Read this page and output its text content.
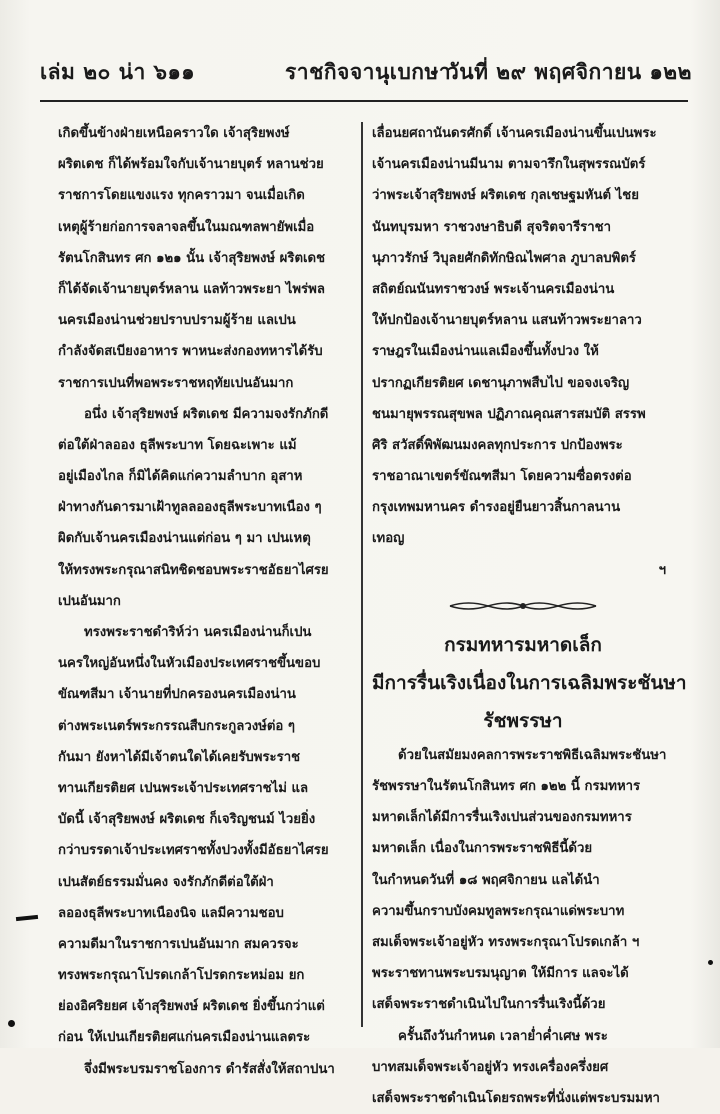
เล่ม ๒๐ น่า ๖๑๑	ราชกิจจานุเบกษา
วันที่ ๒๙ พฤศจิกายน ๑๒๒
เกิดขึ้นข้างฝ่ายเหนือคราวใด เจ้าสุริยพงษ์
ผริตเดช ก็ได้พร้อมใจกับเจ้านายบุตร์ หลานช่วย
ราชการโดยแขงแรง ทุกคราวมา จนเมื่อเกิด
เหตุผู้ร้ายก่อการจลาจลขึ้นในมณฑลพายัพเมื่อ
รัตนโกสินทร ศก ๑๒๑ นั้น เจ้าสุริยพงษ์ ผริตเดช
ก็ได้จัดเจ้านายบุตร์หลาน แลท้าวพระยา ไพร่พล
นครเมืองน่านช่วยปราบปรามผู้ร้าย แลเปน
กำลังจัดสเบียงอาหาร พาหนะส่งกองทหารได้รับ
ราชการเปนที่พอพระราชหฤทัยเปนอันมาก
อนึ่ง เจ้าสุริยพงษ์ ผริตเดช มีความจงรักภักดี
ต่อใต้ฝ่าลออง ธุลีพระบาท โดยฉะเพาะ แม้
อยู่เมืองไกล ก็มิได้คิดแก่ความลำบาก อุสาห
ฝ่าทางกันดารมาเฝ้าทูลลอองธุลีพระบาทเนือง ๆ
ผิดกับเจ้านครเมืองน่านแต่ก่อน ๆ มา เปนเหตุ
ให้ทรงพระกรุณาสนิทชิดชอบพระราชอัธยาไศรย
เปนอันมาก
ทรงพระราชดำริห์ว่า นครเมืองน่านก็เปน
นครใหญ่อันหนึ่งในหัวเมืองประเทศราชขึ้นขอบ
ขัณฑสีมา เจ้านายที่ปกครองนครเมืองน่าน
ต่างพระเนตร์พระกรรณสืบกระกูลวงษ์ต่อ ๆ
กันมา ยังหาได้มีเจ้าตนใดได้เคยรับพระราช
ทานเกียรติยศ เปนพระเจ้าประเทศราชไม่ แล
บัดนี้ เจ้าสุริยพงษ์ ผริตเดช ก็เจริญชนม์ ไวยยิ่ง
กว่าบรรดาเจ้าประเทศราชทั้งปวงทั้งมีอัธยาไศรย
เปนสัตย์ธรรมมั่นคง จงรักภักดีต่อใต้ฝ่า
ลอองธุลีพระบาทเนืองนิจ แลมีความชอบ
ความดีมาในราชการเปนอันมาก สมควรจะ
ทรงพระกรุณาโปรดเกล้าโปรดกระหม่อม ยก
ย่องอิศริยยศ เจ้าสุริยพงษ์ ผริตเดช ยิ่งขึ้นกว่าแต่
ก่อน ให้เปนเกียรติยศแก่นครเมืองน่านแลตระ
จึ่งมีพระบรมราชโองการ ดำรัสสั่งให้สถาปนา
เลื่อนยศถานันดรศักดิ์ เจ้านครเมืองน่านขึ้นเปนพระ
เจ้านครเมืองน่านมีนาม ตามจารึกในสุพรรณบัตร์
ว่าพระเจ้าสุริยพงษ์ ผริตเดช กุลเชษฐมหันต์ ไชย
นันทบุรมหา ราชวงษาธิบดี สุจริตจารีราชา
นุภาวรักษ์ วิบุลยศักดิทักษิณไพศาล ภูบาลบพิตร์
สถิตย์ณนันทราชวงษ์ พระเจ้านครเมืองน่าน
ให้ปกป้องเจ้านายบุตร์หลาน แสนท้าวพระยาลาว
ราษฎรในเมืองน่านแลเมืองขึ้นทั้งปวง ให้
ปรากฏเกียรติยศ เดชานุภาพสืบไป ขอจงเจริญ
ชนมายุพรรณสุขพล ปฏิภาณคุณสารสมบัติ สรรพ
ศิริ สวัสดิ์พิพัฒนมงคลทุกประการ ปกป้องพระ
ราชอาณาเขตร์ขัณฑสีมา โดยความซื่อตรงต่อ
กรุงเทพมหานคร ดำรงอยู่ยืนยาวสิ้นกาลนาน
เทอญ
ฯ
กรมทหารมหาดเล็ก
มีการรื่นเริงเนื่องในการเฉลิมพระชันษา
รัชพรรษา
ด้วยในสมัยมงคลการพระราชพิธีเฉลิมพระชันษา
รัชพรรษาในรัตนโกสินทร ศก ๑๒๒ นี้ กรมทหาร
มหาดเล็กได้มีการรื่นเริงเปนส่วนของกรมทหาร
มหาดเล็ก เนื่องในการพระราชพิธีนี้ด้วย
ในกำหนดวันที่ ๑๘ พฤศจิกายน แลได้นำ
ความขึ้นกราบบังคมทูลพระกรุณาแด่พระบาท
สมเด็จพระเจ้าอยู่หัว ทรงพระกรุณาโปรดเกล้า ฯ
พระราชทานพระบรมนุญาต ให้มีการ แลจะได้
เสด็จพระราชดำเนินไปในการรื่นเริงนี้ด้วย
ครั้นถึงวันกำหนด เวลาย่ำค่ำเศษ พระ
บาทสมเด็จพระเจ้าอยู่หัว ทรงเครื่องครึ่งยศ
เสด็จพระราชดำเนินโดยรถพระที่นั่งแต่พระบรมมหา
